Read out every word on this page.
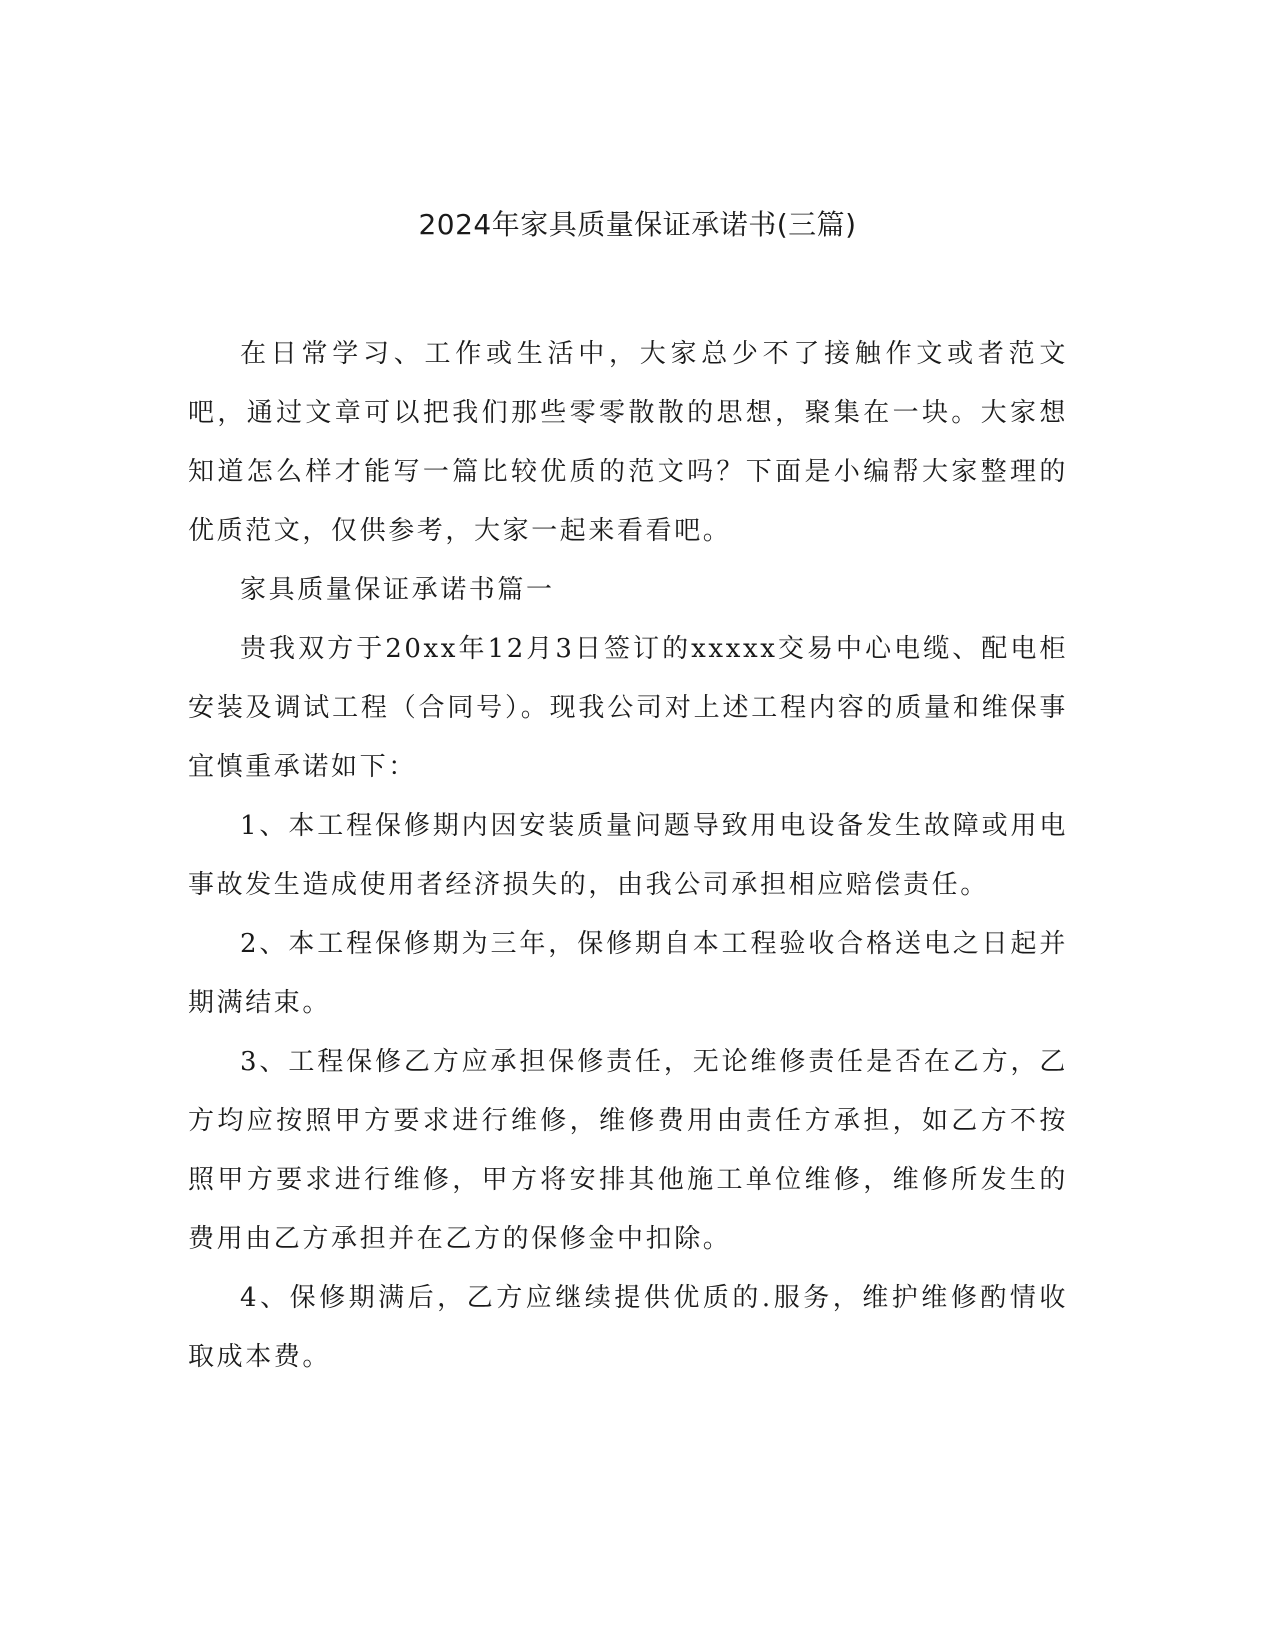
2024年家具质量保证承诺书(三篇)

在日常学习、工作或生活中，大家总少不了接触作文或者范文吧，通过文章可以把我们那些零零散散的思想，聚集在一块。大家想知道怎么样才能写一篇比较优质的范文吗？下面是小编帮大家整理的优质范文，仅供参考，大家一起来看看吧。

家具质量保证承诺书篇一

贵我双方于20xx年12月3日签订的xxxxx交易中心电缆、配电柜安装及调试工程（合同号）。现我公司对上述工程内容的质量和维保事宜慎重承诺如下：

1、本工程保修期内因安装质量问题导致用电设备发生故障或用电事故发生造成使用者经济损失的，由我公司承担相应赔偿责任。

2、本工程保修期为三年，保修期自本工程验收合格送电之日起并期满结束。

3、工程保修乙方应承担保修责任，无论维修责任是否在乙方，乙方均应按照甲方要求进行维修，维修费用由责任方承担，如乙方不按照甲方要求进行维修，甲方将安排其他施工单位维修，维修所发生的费用由乙方承担并在乙方的保修金中扣除。

4、保修期满后，乙方应继续提供优质的.服务，维护维修酌情收取成本费。
